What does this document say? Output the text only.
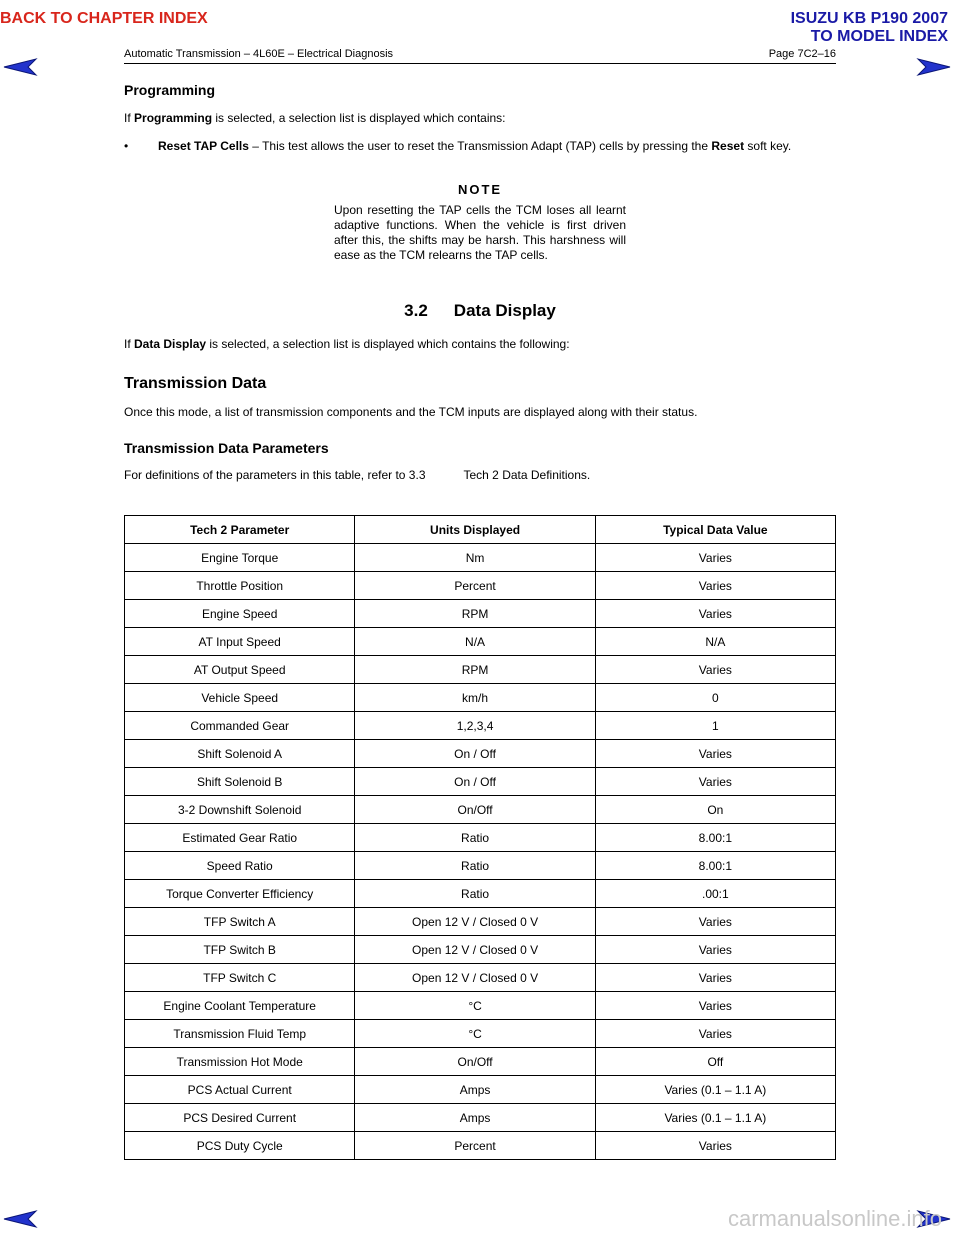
BACK TO CHAPTER INDEX	ISUZU KB P190 2007
TO MODEL INDEX
Automatic Transmission – 4L60E – Electrical Diagnosis	Page 7C2–16
Programming

If Programming is selected, a selection list is displayed which contains:

•	Reset TAP Cells – This test allows the user to reset the Transmission Adapt (TAP) cells by pressing the Reset soft key.
NOTE
Upon resetting the TAP cells the TCM loses all learnt adaptive functions. When the vehicle is first driven after this, the shifts may be harsh. This harshness will ease as the TCM relearns the TAP cells.
3.2 Data Display

If Data Display is selected, a selection list is displayed which contains the following:

Transmission Data

Once this mode, a list of transmission components and the TCM inputs are displayed along with their status.

Transmission Data Parameters

For definitions of the parameters in this table, refer to 3.3	Tech 2 Data Definitions.

Tech 2 Parameter	Units Displayed	Typical Data Value
Engine Torque	Nm	Varies
Throttle Position	Percent	Varies
Engine Speed	RPM	Varies
AT Input Speed	N/A	N/A
AT Output Speed	RPM	Varies
Vehicle Speed	km/h	0
Commanded Gear	1,2,3,4	1
Shift Solenoid A	On / Off	Varies
Shift Solenoid B	On / Off	Varies
3-2 Downshift Solenoid	On/Off	On
Estimated Gear Ratio	Ratio	8.00:1
Speed Ratio	Ratio	8.00:1
Torque Converter Efficiency	Ratio	.00:1
TFP Switch A	Open 12 V / Closed 0 V	Varies
TFP Switch B	Open 12 V / Closed 0 V	Varies
TFP Switch C	Open 12 V / Closed 0 V	Varies
Engine Coolant Temperature	°C	Varies
Transmission Fluid Temp	°C	Varies
Transmission Hot Mode	On/Off	Off
PCS Actual Current	Amps	Varies (0.1 – 1.1 A)
PCS Desired Current	Amps	Varies (0.1 – 1.1 A)
PCS Duty Cycle	Percent	Varies
carmanualsonline.info
